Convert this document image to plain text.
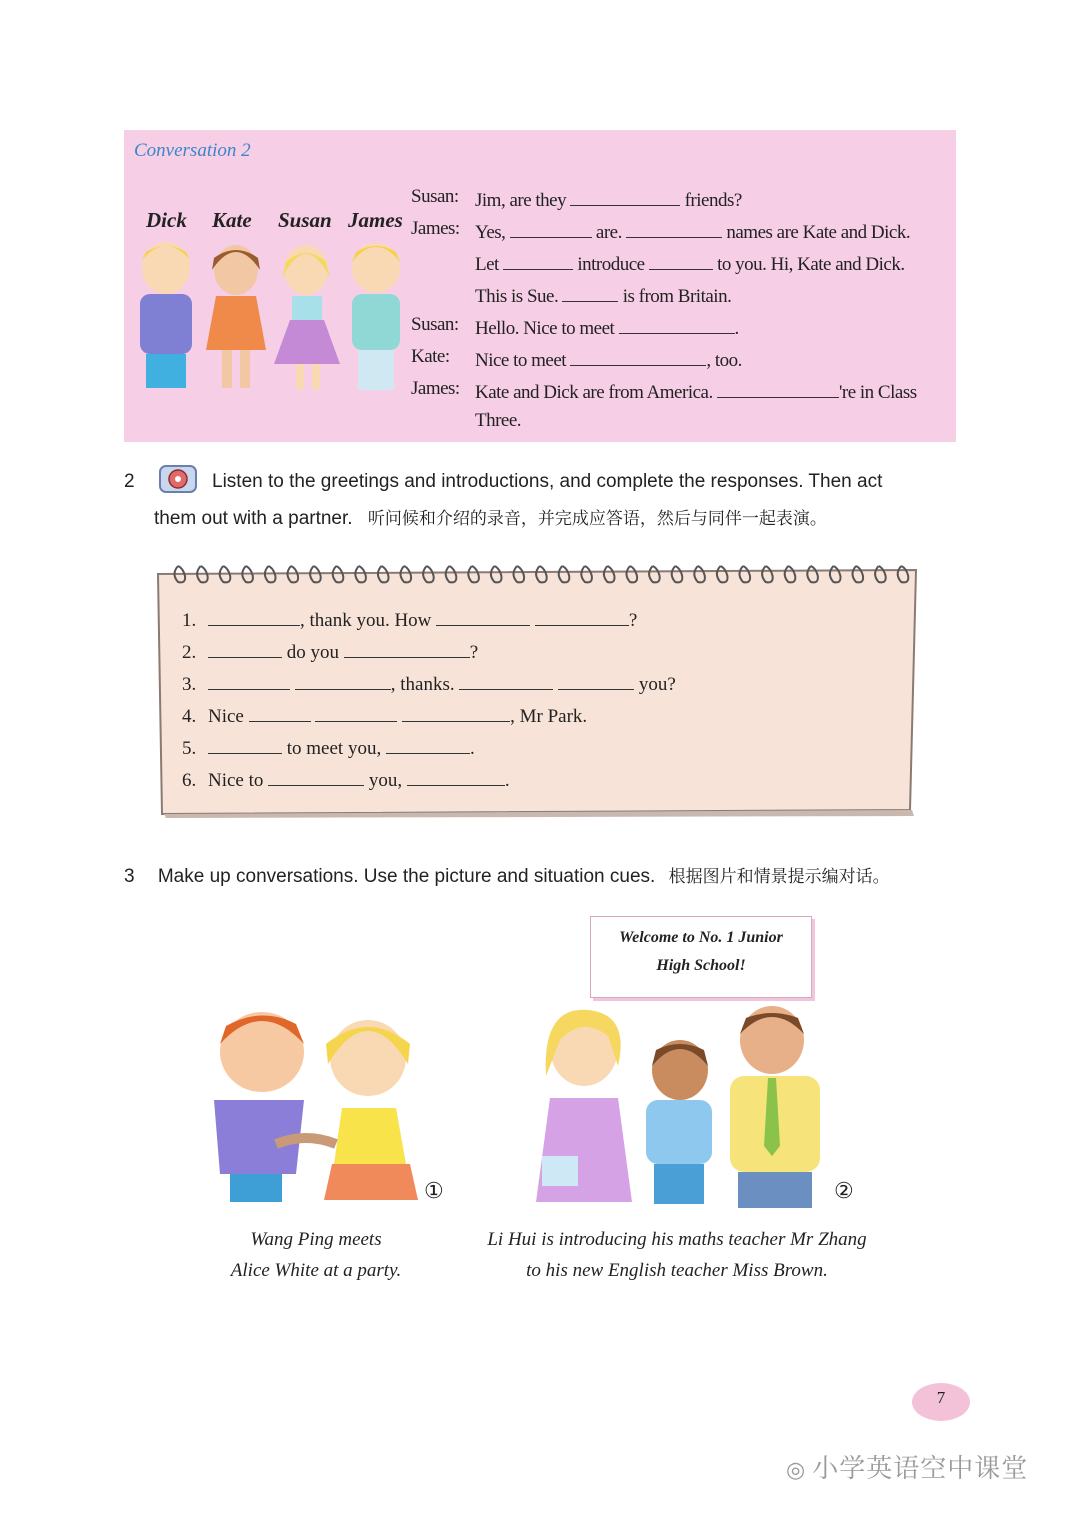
Conversation 2
Dick Kate Susan James
Susan: Jim, are they	friends?
James: Yes,	are.	names are Kate and Dick.
Let	introduce	to you. Hi, Kate and Dick.
This is Sue.	is from Britain.
Susan: Hello. Nice to meet	.
Kate:	Nice to meet	, too.
James: Kate and Dick are from America.	're in Class
Three.
2	Listen to the greetings and introductions, and complete the responses. Then act
them out with a partner. 听问候和介绍的录音，并完成应答语，然后与同伴一起表演。
1.	, thank you. How	?
2.	do you	?
3.	, thanks.	you?
4. Nice	, Mr Park.
5.	to meet you,	.
6. Nice to	you,	.
3 Make up conversations. Use the picture and situation cues. 根据图片和情景提示编对话。
Welcome to No. 1 Junior
High School!
①	②
Wang Ping meets
Alice White at a party.
Li Hui is introducing his maths teacher Mr Zhang
to his new English teacher Miss Brown.
7
◎ 小学英语空中课堂
